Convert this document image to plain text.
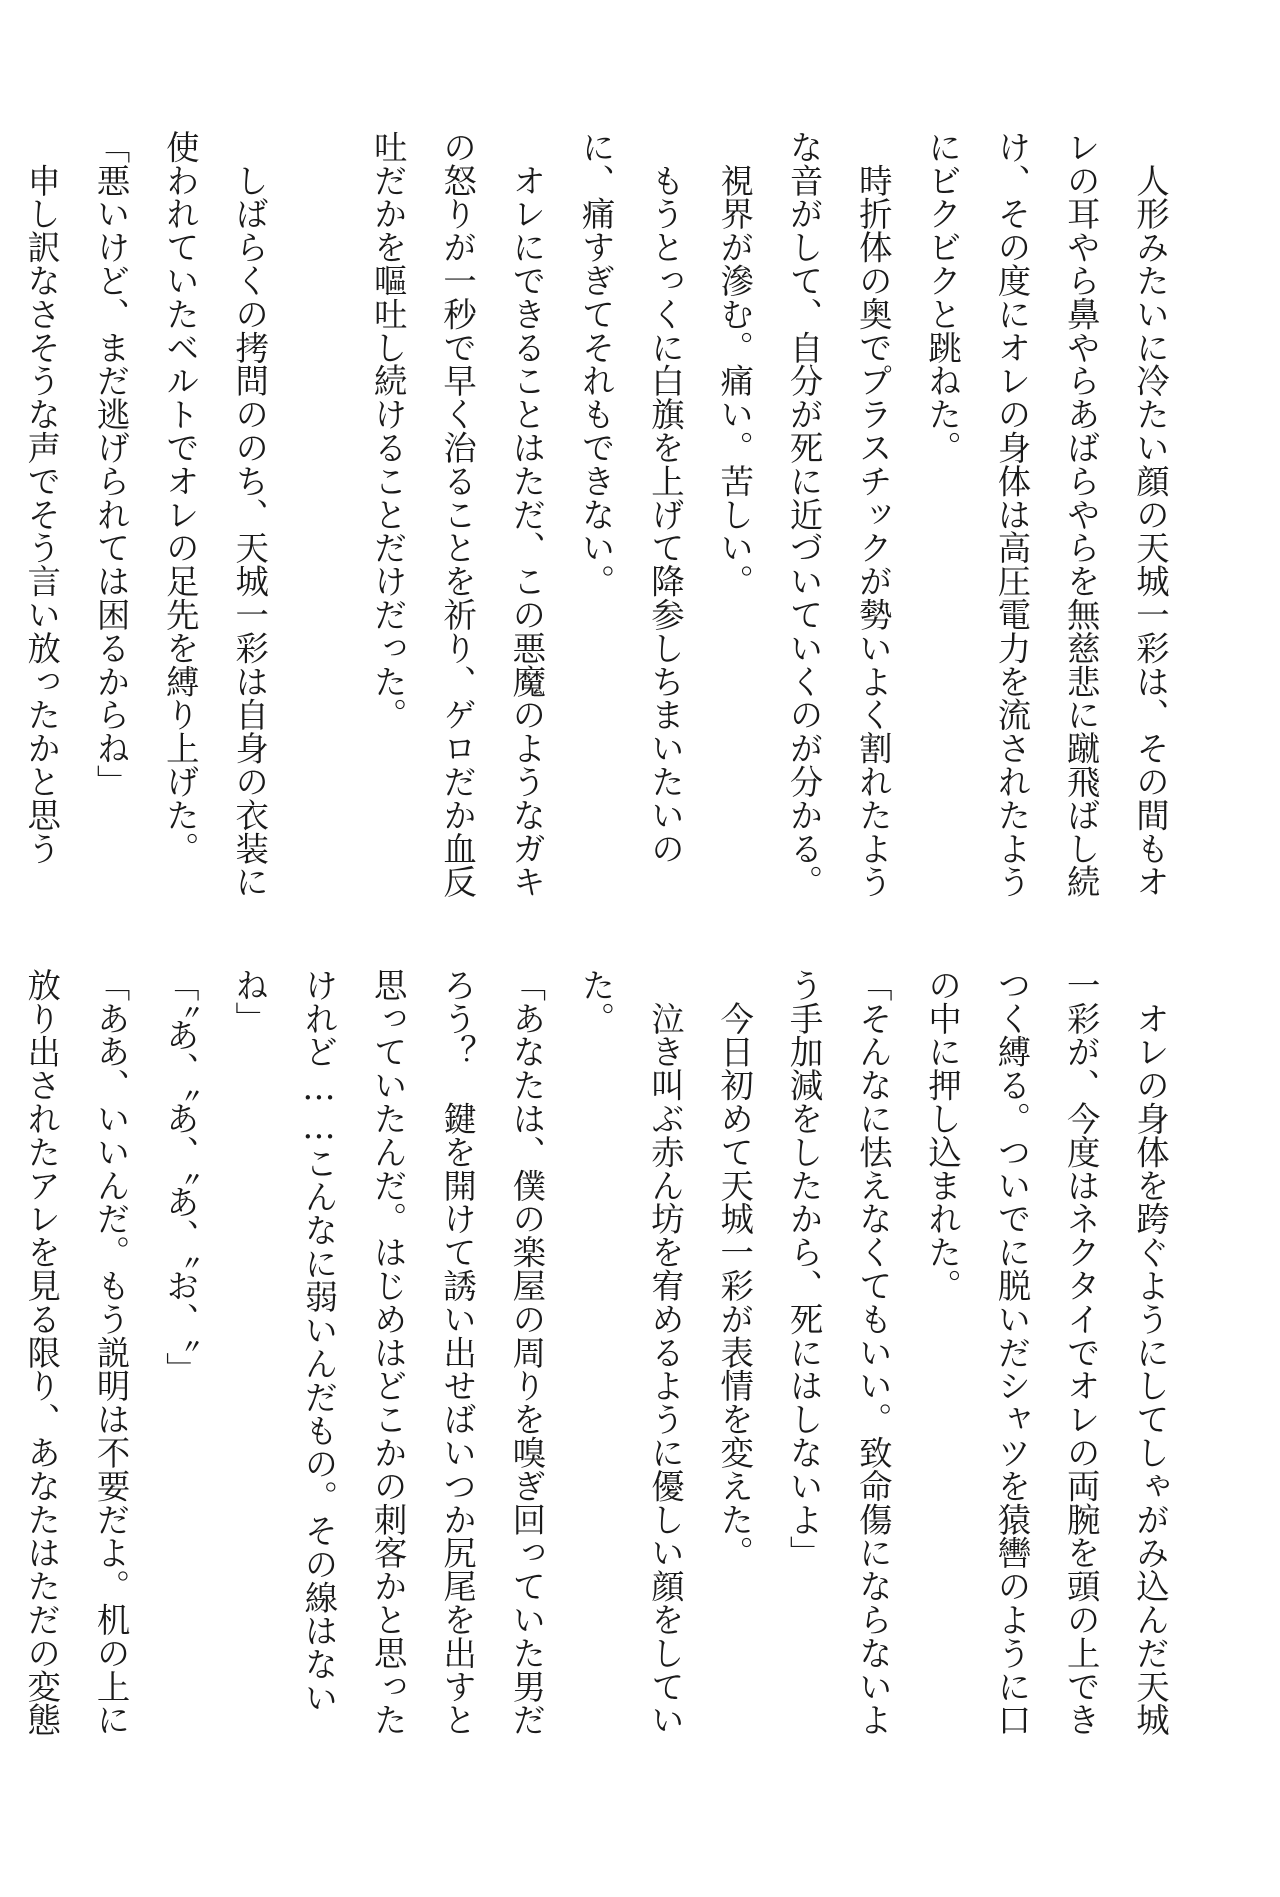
　人形みたいに冷たい顔の天城一彩は、その間もオ
レの耳やら鼻やらあばらやらを無慈悲に蹴飛ばし続
け、その度にオレの身体は高圧電力を流されたよう
にビクビクと跳ねた。
　時折体の奥でプラスチックが勢いよく割れたよう
な音がして、自分が死に近づいていくのが分かる。
　視界が滲む。痛い。苦しい。
　もうとっくに白旗を上げて降参しちまいたいの
に、痛すぎてそれもできない。
　オレにできることはただ、この悪魔のようなガキ
の怒りが一秒で早く治ることを祈り、ゲロだか血反
吐だかを嘔吐し続けることだけだった。

　しばらくの拷問ののち、天城一彩は自身の衣装に
使われていたベルトでオレの足先を縛り上げた。
「悪いけど、まだ逃げられては困るからね」
　申し訳なさそうな声でそう言い放ったかと思う
　オレの身体を跨ぐようにしてしゃがみ込んだ天城
一彩が、今度はネクタイでオレの両腕を頭の上でき
つく縛る。ついでに脱いだシャツを猿轡のように口
の中に押し込まれた。
「そんなに怯えなくてもいい。致命傷にならないよ
う手加減をしたから、死にはしないよ」
　今日初めて天城一彩が表情を変えた。
　泣き叫ぶ赤ん坊を宥めるように優しい顔をしてい
た。
「あなたは、僕の楽屋の周りを嗅ぎ回っていた男だ
ろう？　鍵を開けて誘い出せばいつか尻尾を出すと
思っていたんだ。はじめはどこかの刺客かと思った
けれど……こんなに弱いんだもの。その線はない
ね」
「〝あ、〝あ、〝あ、〝お、〝」
「ああ、いいんだ。もう説明は不要だよ。机の上に
放り出されたアレを見る限り、あなたはただの変態
